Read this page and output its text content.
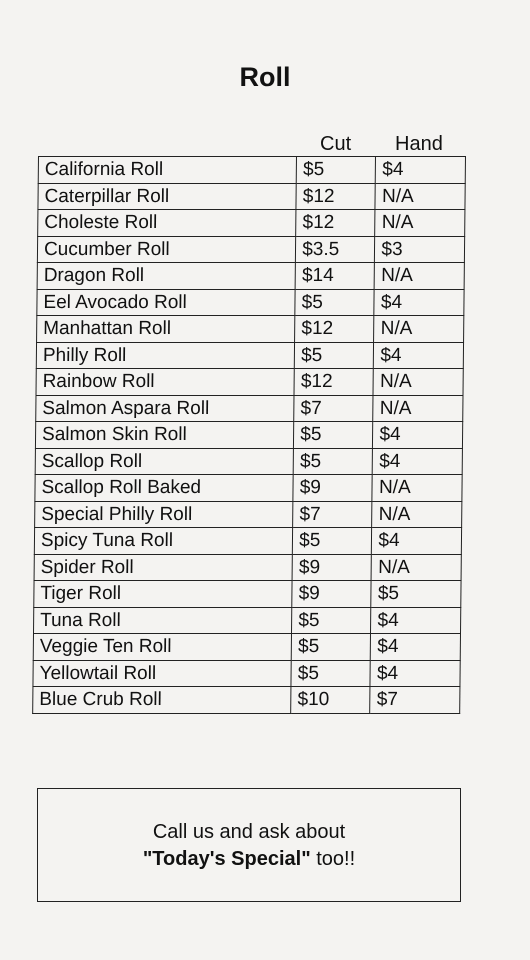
Roll
Cut Hand
California Roll	$5	$4
Caterpillar Roll	$12	N/A
Choleste Roll	$12	N/A
Cucumber Roll	$3.5	$3
Dragon Roll	$14	N/A
Eel Avocado Roll	$5	$4
Manhattan Roll	$12	N/A
Philly Roll	$5	$4
Rainbow Roll	$12	N/A
Salmon Aspara Roll	$7	N/A
Salmon Skin Roll	$5	$4
Scallop Roll	$5	$4
Scallop Roll Baked	$9	N/A
Special Philly Roll	$7	N/A
Spicy Tuna Roll	$5	$4
Spider Roll	$9	N/A
Tiger Roll	$9	$5
Tuna Roll	$5	$4
Veggie Ten Roll	$5	$4
Yellowtail Roll	$5	$4
Blue Crub Roll	$10	$7
Call us and ask about
"Today's Special" too!!
